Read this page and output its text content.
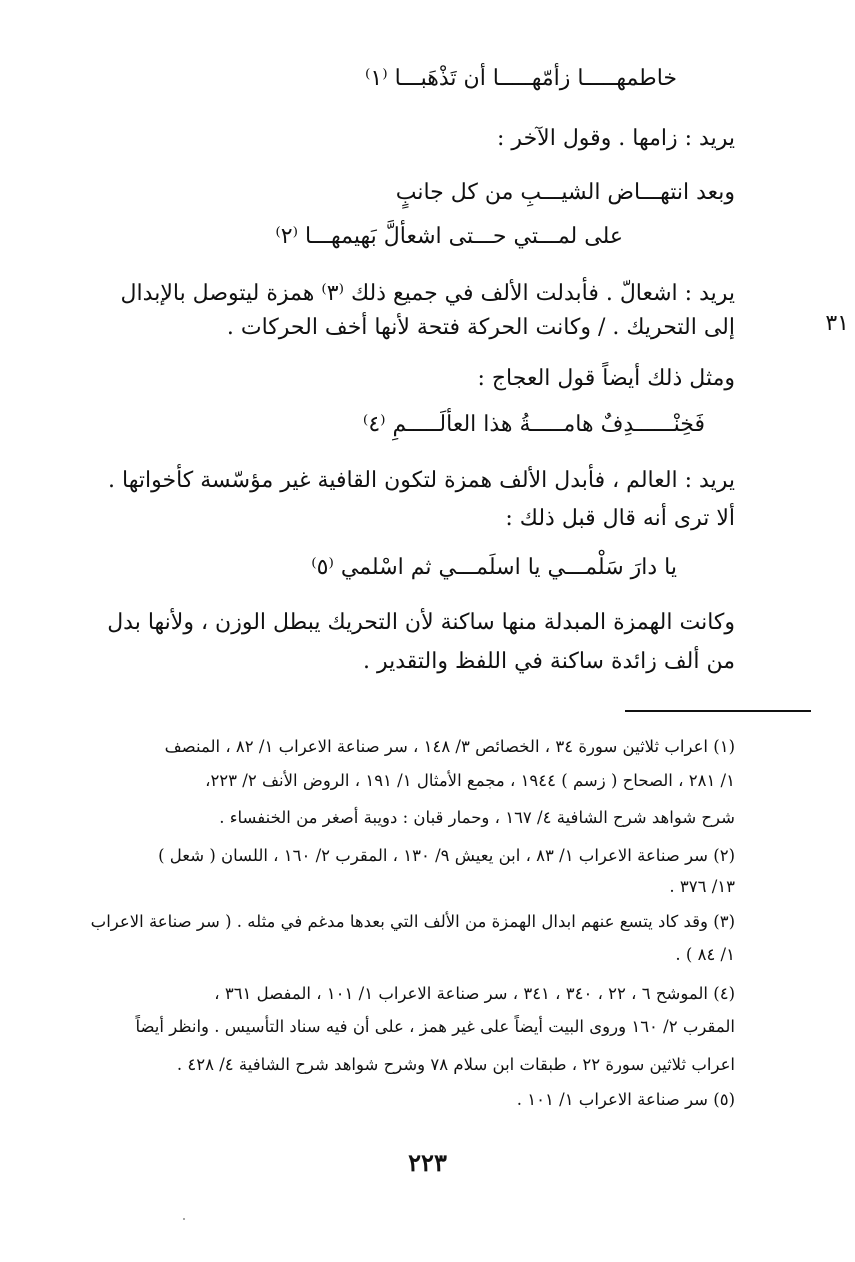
خاطمهـــــا زأمّهـــــا أن تَذْهَبـــا ⁽١⁾
يريد : زامها . وقول الآخر :
وبعد انتهـــاض الشيـــبِ من كل جانبٍ
على لمـــتي حـــتى اشعألَّ بَهيمهـــا ⁽٢⁾
يريد : اشعالّ . فأبدلت الألف في جميع ذلك ⁽٣⁾ همزة ليتوصل بالإبدال
إلى التحريك . / وكانت الحركة فتحة لأنها أخف الحركات .	٣١
ومثل ذلك أيضاً قول العجاج :
فَخِنْــــــدِفٌ هامـــــةُ هذا العألَـــــمِ ⁽٤⁾
يريد : العالم ، فأبدل الألف همزة لتكون القافية غير مؤسّسة كأخواتها .
ألا ترى أنه قال قبل ذلك :
يا دارَ سَلْمـــي يا اسلَمـــي ثم اسْلمي ⁽٥⁾
وكانت الهمزة المبدلة منها ساكنة لأن التحريك يبطل الوزن ، ولأنها بدل
من ألف زائدة ساكنة في اللفظ والتقدير .
(١) اعراب ثلاثين سورة ٣٤ ، الخصائص ٣/ ١٤٨ ، سر صناعة الاعراب ١/ ٨٢ ، المنصف
١/ ٢٨١ ، الصحاح ( زسم ) ١٩٤٤ ، مجمع الأمثال ١/ ١٩١ ، الروض الأنف ٢/ ٢٢٣،
شرح شواهد شرح الشافية ٤/ ١٦٧ ، وحمار قبان : دويبة أصغر من الخنفساء .
(٢) سر صناعة الاعراب ١/ ٨٣ ، ابن يعيش ٩/ ١٣٠ ، المقرب ٢/ ١٦٠ ، اللسان ( شعل )
١٣/ ٣٧٦ .
(٣) وقد كاد يتسع عنهم ابدال الهمزة من الألف التي بعدها مدغم في مثله . ( سر صناعة الاعراب
١/ ٨٤ ) .
(٤) الموشح ٦ ، ٢٢ ، ٣٤٠ ، ٣٤١ ، سر صناعة الاعراب ١/ ١٠١ ، المفصل ٣٦١ ،
المقرب ٢/ ١٦٠ وروى البيت أيضاً على غير همز ، على أن فيه سناد التأسيس . وانظر أيضاً
اعراب ثلاثين سورة ٢٢ ، طبقات ابن سلام ٧٨ وشرح شواهد شرح الشافية ٤/ ٤٢٨ .
(٥) سر صناعة الاعراب ١/ ١٠١ .
٢٢٣
